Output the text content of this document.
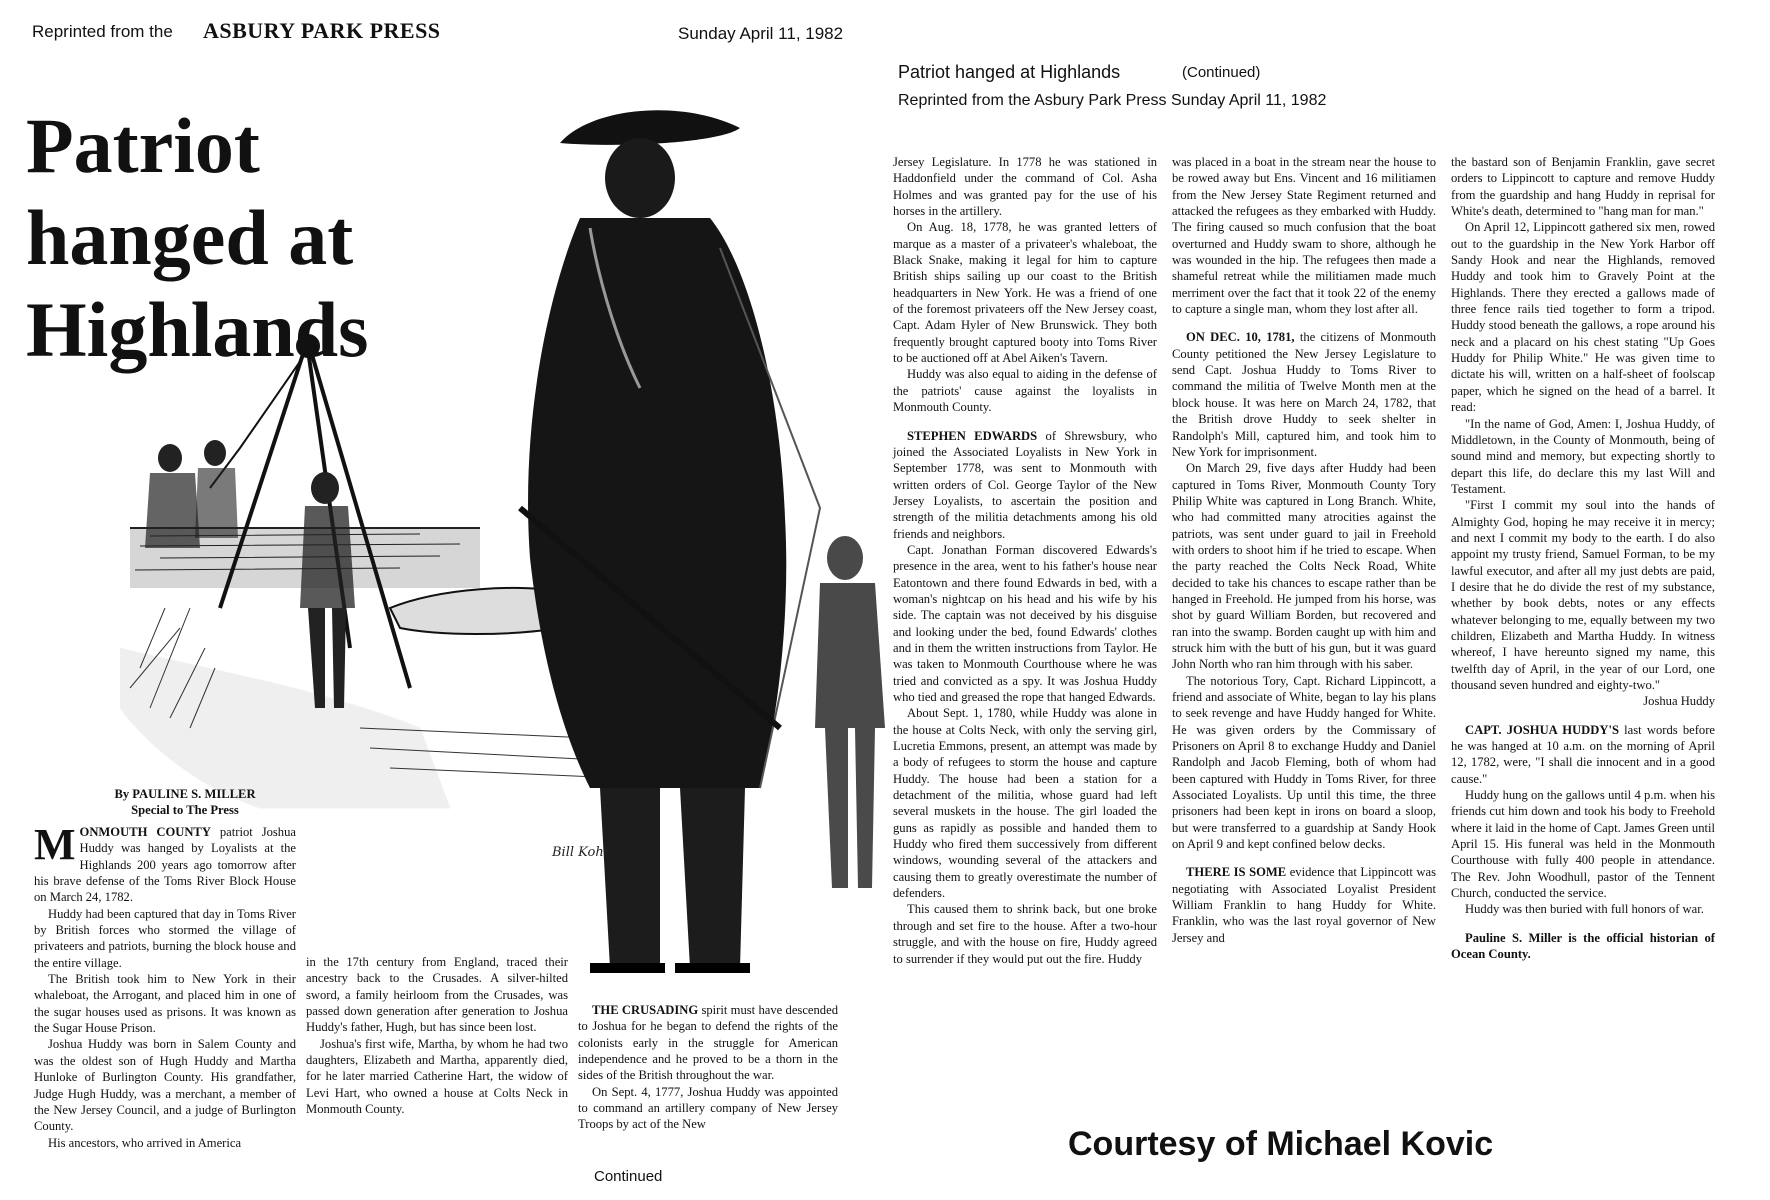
Reprinted from the ASBURY PARK PRESS	Sunday April 11, 1982
Bill Kohr
Patriot hanged at Highlands
By PAULINE S. MILLER
Special to The Press

MONMOUTH COUNTY patriot Joshua Huddy was hanged by Loyalists at the Highlands 200 years ago tomorrow after his brave defense of the Toms River Block House on March 24, 1782.

Huddy had been captured that day in Toms River by British forces who stormed the village of privateers and patriots, burning the block house and the entire village.

The British took him to New York in their whaleboat, the Arrogant, and placed him in one of the sugar houses used as prisons. It was known as the Sugar House Prison.

Joshua Huddy was born in Salem County and was the oldest son of Hugh Huddy and Martha Hunloke of Burlington County. His grandfather, Judge Hugh Huddy, was a merchant, a member of the New Jersey Council, and a judge of Burlington County.

His ancestors, who arrived in America

in the 17th century from England, traced their ancestry back to the Crusades. A silver-hilted sword, a family heirloom from the Crusades, was passed down generation after generation to Joshua Huddy's father, Hugh, but has since been lost.

Joshua's first wife, Martha, by whom he had two daughters, Elizabeth and Martha, apparently died, for he later married Catherine Hart, the widow of Levi Hart, who owned a house at Colts Neck in Monmouth County.

THE CRUSADING spirit must have descended to Joshua for he began to defend the rights of the colonists early in the struggle for American independence and he proved to be a thorn in the sides of the British throughout the war.

On Sept. 4, 1777, Joshua Huddy was appointed to command an artillery company of New Jersey Troops by act of the New

Continued
Patriot hanged at Highlands	(Continued)
Reprinted from the Asbury Park Press Sunday April 11, 1982

Jersey Legislature. In 1778 he was stationed in Haddonfield under the command of Col. Asha Holmes and was granted pay for the use of his horses in the artillery.

On Aug. 18, 1778, he was granted letters of marque as a master of a privateer's whaleboat, the Black Snake, making it legal for him to capture British ships sailing up our coast to the British headquarters in New York. He was a friend of one of the foremost privateers off the New Jersey coast, Capt. Adam Hyler of New Brunswick. They both frequently brought captured booty into Toms River to be auctioned off at Abel Aiken's Tavern.

Huddy was also equal to aiding in the defense of the patriots' cause against the loyalists in Monmouth County.

STEPHEN EDWARDS of Shrewsbury, who joined the Associated Loyalists in New York in September 1778, was sent to Monmouth with written orders of Col. George Taylor of the New Jersey Loyalists, to ascertain the position and strength of the militia detachments among his old friends and neighbors.

Capt. Jonathan Forman discovered Edwards's presence in the area, went to his father's house near Eatontown and there found Edwards in bed, with a woman's nightcap on his head and his wife by his side. The captain was not deceived by his disguise and looking under the bed, found Edwards' clothes and in them the written instructions from Taylor. He was taken to Monmouth Courthouse where he was tried and convicted as a spy. It was Joshua Huddy who tied and greased the rope that hanged Edwards.

About Sept. 1, 1780, while Huddy was alone in the house at Colts Neck, with only the serving girl, Lucretia Emmons, present, an attempt was made by a body of refugees to storm the house and capture Huddy. The house had been a station for a detachment of the militia, whose guard had left several muskets in the house. The girl loaded the guns as rapidly as possible and handed them to Huddy who fired them successively from different windows, wounding several of the attackers and causing them to greatly overestimate the number of defenders.

This caused them to shrink back, but one broke through and set fire to the house. After a two-hour struggle, and with the house on fire, Huddy agreed to surrender if they would put out the fire. Huddy

was placed in a boat in the stream near the house to be rowed away but Ens. Vincent and 16 militiamen from the New Jersey State Regiment returned and attacked the refugees as they embarked with Huddy. The firing caused so much confusion that the boat overturned and Huddy swam to shore, although he was wounded in the hip. The refugees then made a shameful retreat while the militiamen made much merriment over the fact that it took 22 of the enemy to capture a single man, whom they lost after all.

ON DEC. 10, 1781, the citizens of Monmouth County petitioned the New Jersey Legislature to send Capt. Joshua Huddy to Toms River to command the militia of Twelve Month men at the block house. It was here on March 24, 1782, that the British drove Huddy to seek shelter in Randolph's Mill, captured him, and took him to New York for imprisonment.

On March 29, five days after Huddy had been captured in Toms River, Monmouth County Tory Philip White was captured in Long Branch. White, who had committed many atrocities against the patriots, was sent under guard to jail in Freehold with orders to shoot him if he tried to escape. When the party reached the Colts Neck Road, White decided to take his chances to escape rather than be hanged in Freehold. He jumped from his horse, was shot by guard William Borden, but recovered and ran into the swamp. Borden caught up with him and struck him with the butt of his gun, but it was guard John North who ran him through with his saber.

The notorious Tory, Capt. Richard Lippincott, a friend and associate of White, began to lay his plans to seek revenge and have Huddy hanged for White. He was given orders by the Commissary of Prisoners on April 8 to exchange Huddy and Daniel Randolph and Jacob Fleming, both of whom had been captured with Huddy in Toms River, for three Associated Loyalists. Up until this time, the three prisoners had been kept in irons on board a sloop, but were transferred to a guardship at Sandy Hook on April 9 and kept confined below decks.

THERE IS SOME evidence that Lippincott was negotiating with Associated Loyalist President William Franklin to hang Huddy for White. Franklin, who was the last royal governor of New Jersey and

the bastard son of Benjamin Franklin, gave secret orders to Lippincott to capture and remove Huddy from the guardship and hang Huddy in reprisal for White's death, determined to "hang man for man."

On April 12, Lippincott gathered six men, rowed out to the guardship in the New York Harbor off Sandy Hook and near the Highlands, removed Huddy and took him to Gravely Point at the Highlands. There they erected a gallows made of three fence rails tied together to form a tripod. Huddy stood beneath the gallows, a rope around his neck and a placard on his chest stating "Up Goes Huddy for Philip White." He was given time to dictate his will, written on a half-sheet of foolscap paper, which he signed on the head of a barrel. It read:

"In the name of God, Amen: I, Joshua Huddy, of Middletown, in the County of Monmouth, being of sound mind and memory, but expecting shortly to depart this life, do declare this my last Will and Testament.

"First I commit my soul into the hands of Almighty God, hoping he may receive it in mercy; and next I commit my body to the earth. I do also appoint my trusty friend, Samuel Forman, to be my lawful executor, and after all my just debts are paid, I desire that he do divide the rest of my substance, whether by book debts, notes or any effects whatever belonging to me, equally between my two children, Elizabeth and Martha Huddy. In witness whereof, I have hereunto signed my name, this twelfth day of April, in the year of our Lord, one thousand seven hundred and eighty-two."

Joshua Huddy

CAPT. JOSHUA HUDDY'S last words before he was hanged at 10 a.m. on the morning of April 12, 1782, were, "I shall die innocent and in a good cause."

Huddy hung on the gallows until 4 p.m. when his friends cut him down and took his body to Freehold where it laid in the home of Capt. James Green until April 15. His funeral was held in the Monmouth Courthouse with fully 400 people in attendance. The Rev. John Woodhull, pastor of the Tennent Church, conducted the service.

Huddy was then buried with full honors of war.

Pauline S. Miller is the official historian of Ocean County.

Courtesy of Michael Kovic
